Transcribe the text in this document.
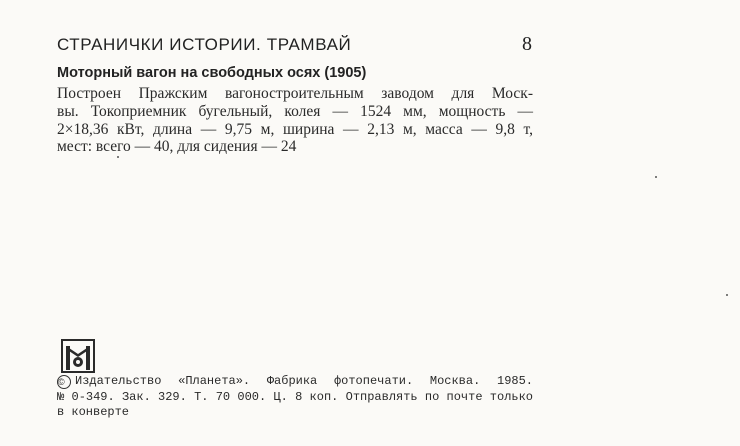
СТРАНИЧКИ ИСТОРИИ. ТРАМВАЙ	8
Моторный вагон на свободных осях (1905)
Построен Пражским вагоностроительным заводом для Моск-
вы. Токоприемник бугельный, колея — 1524 мм, мощность —
2×18,36 кВт, длина — 9,75 м, ширина — 2,13 м, масса — 9,8 т,
мест: всего — 40, для сидения — 24
© Издательство «Планета». Фабрика фотопечати. Москва. 1985.
№ 0-349. Зак. 329. Т. 70 000. Ц. 8 коп. Отправлять по почте только
в конверте
